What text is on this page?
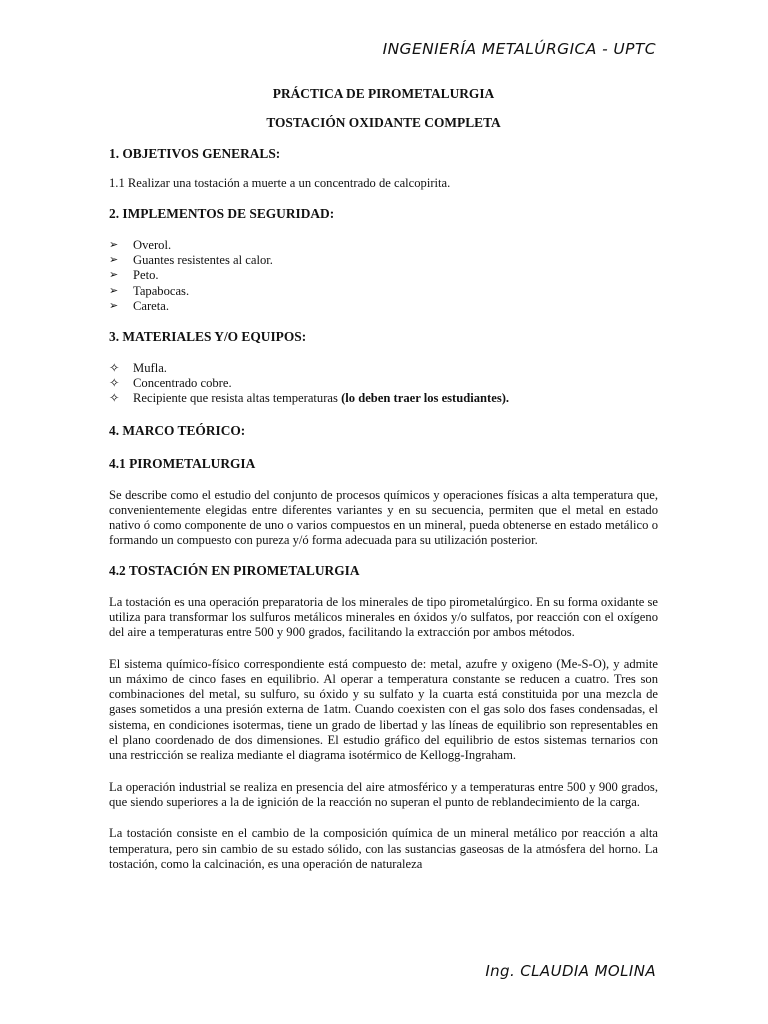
INGENIERÍA METALÚRGICA - UPTC

PRÁCTICA DE PIROMETALURGIA

TOSTACIÓN OXIDANTE COMPLETA

1. OBJETIVOS GENERALS:

1.1 Realizar una tostación a muerte a un concentrado de calcopirita.

2. IMPLEMENTOS DE SEGURIDAD:
➢	Overol.
➢	Guantes resistentes al calor.
➢	Peto.
➢	Tapabocas.
➢	Careta.
3. MATERIALES Y/O EQUIPOS:
✧	Mufla.
✧	Concentrado cobre.
✧	Recipiente que resista altas temperaturas (lo deben traer los estudiantes).
4. MARCO TEÓRICO:
4.1 PIROMETALURGIA

Se describe como el estudio del conjunto de procesos químicos y operaciones físicas a alta temperatura que, convenientemente elegidas entre diferentes variantes y en su secuencia, permiten que el metal en estado nativo ó como componente de uno o varios compuestos en un mineral, pueda obtenerse en estado metálico o formando un compuesto con pureza y/ó forma adecuada para su utilización posterior.

4.2 TOSTACIÓN EN PIROMETALURGIA

La tostación es una operación preparatoria de los minerales de tipo pirometalúrgico. En su forma oxidante se utiliza para transformar los sulfuros metálicos minerales en óxidos y/o sulfatos, por reacción con el oxígeno del aire a temperaturas entre 500 y 900 grados, facilitando la extracción por ambos métodos.

El sistema químico-físico correspondiente está compuesto de: metal, azufre y oxigeno (Me-S-O), y admite un máximo de cinco fases en equilibrio. Al operar a temperatura constante se reducen a cuatro. Tres son combinaciones del metal, su sulfuro, su óxido y su sulfato y la cuarta está constituida por una mezcla de gases sometidos a una presión externa de 1atm. Cuando coexisten con el gas solo dos fases condensadas, el sistema, en condiciones isotermas, tiene un grado de libertad y las líneas de equilibrio son representables en el plano coordenado de dos dimensiones. El estudio gráfico del equilibrio de estos sistemas ternarios con una restricción se realiza mediante el diagrama isotérmico de Kellogg-Ingraham.

La operación industrial se realiza en presencia del aire atmosférico y a temperaturas entre 500 y 900 grados, que siendo superiores a la de ignición de la reacción no superan el punto de reblandecimiento de la carga.

La tostación consiste en el cambio de la composición química de un mineral metálico por reacción a alta temperatura, pero sin cambio de su estado sólido, con las sustancias gaseosas de la atmósfera del horno. La tostación, como la calcinación, es una operación de naturaleza

Ing. CLAUDIA MOLINA
